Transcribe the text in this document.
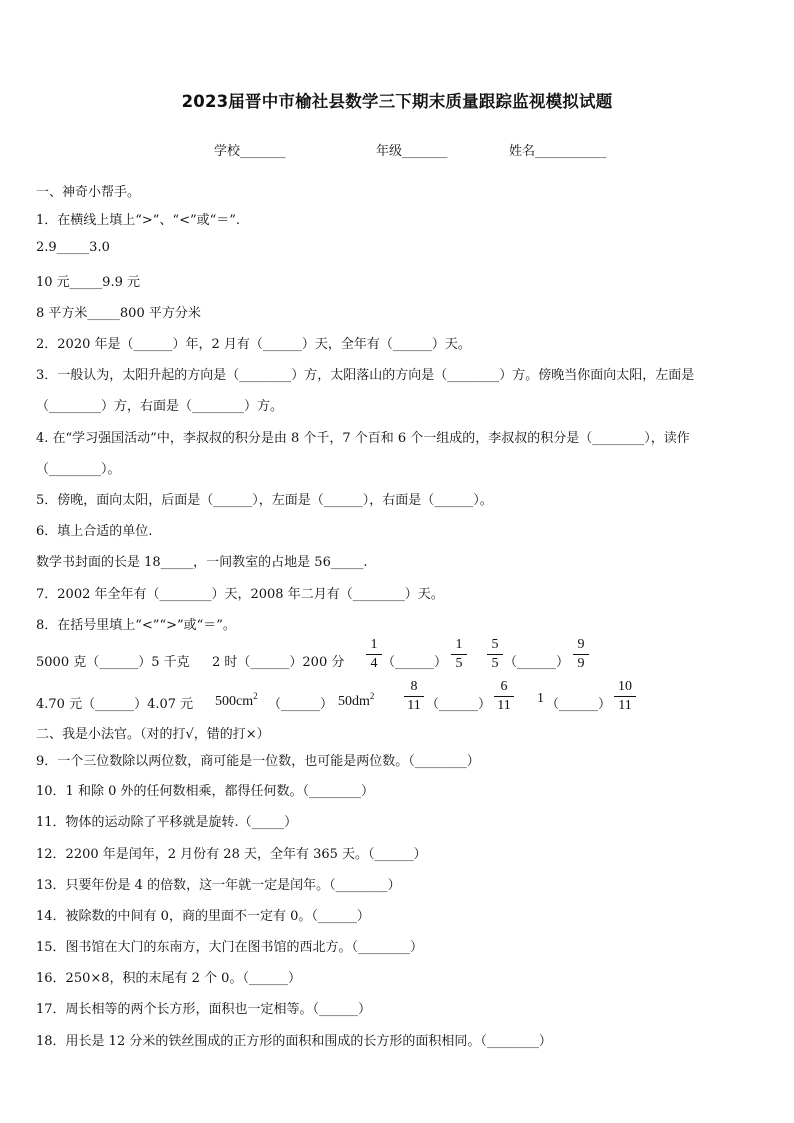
2023届晋中市榆社县数学三下期末质量跟踪监视模拟试题
学校_______	年级_______	姓名___________
一、神奇小帮手。
1．在横线上填上“>”、“<”或“＝”.
2.9_____3.0
10 元_____9.9 元
8 平方米_____800 平方分米
2．2020 年是（______）年，2 月有（______）天，全年有（______）天。
3．一般认为，太阳升起的方向是（________）方，太阳落山的方向是（________）方。傍晚当你面向太阳，左面是
（________）方，右面是（________）方。
4. 在“学习强国活动”中，李叔叔的积分是由 8 个千，7 个百和 6 个一组成的，李叔叔的积分是（________），读作
（________）。
5．傍晚，面向太阳，后面是（______），左面是（______），右面是（______）。
6．填上合适的单位.
数学书封面的长是 18_____，一间教室的占地是 56_____.
7．2002 年全年有（________）天，2008 年二月有（________）天。
8．在括号里填上“<”“>”或“＝”。
5000 克（______）5 千克 2 时（______）200 分
1
4 （______）
1
5
5
5 （______）
9
9
4.70 元（______）4.07 元 $500cm^2$
（______） $50dm^2$
8
11 （______）
6
11 1 （______）
10
11
二、我是小法官。（对的打√，错的打×）
9．一个三位数除以两位数，商可能是一位数，也可能是两位数。（________）
10．1 和除 0 外的任何数相乘，都得任何数。（________）
11．物体的运动除了平移就是旋转.（_____）
12．2200 年是闰年，2 月份有 28 天，全年有 365 天。（______）
13．只要年份是 4 的倍数，这一年就一定是闰年。（________）
14．被除数的中间有 0，商的里面不一定有 0。（______）
15．图书馆在大门的东南方，大门在图书馆的西北方。（________）
16．250×8，积的末尾有 2 个 0。（______）
17．周长相等的两个长方形，面积也一定相等。（______）
18．用长是 12 分米的铁丝围成的正方形的面积和围成的长方形的面积相同。（________）
